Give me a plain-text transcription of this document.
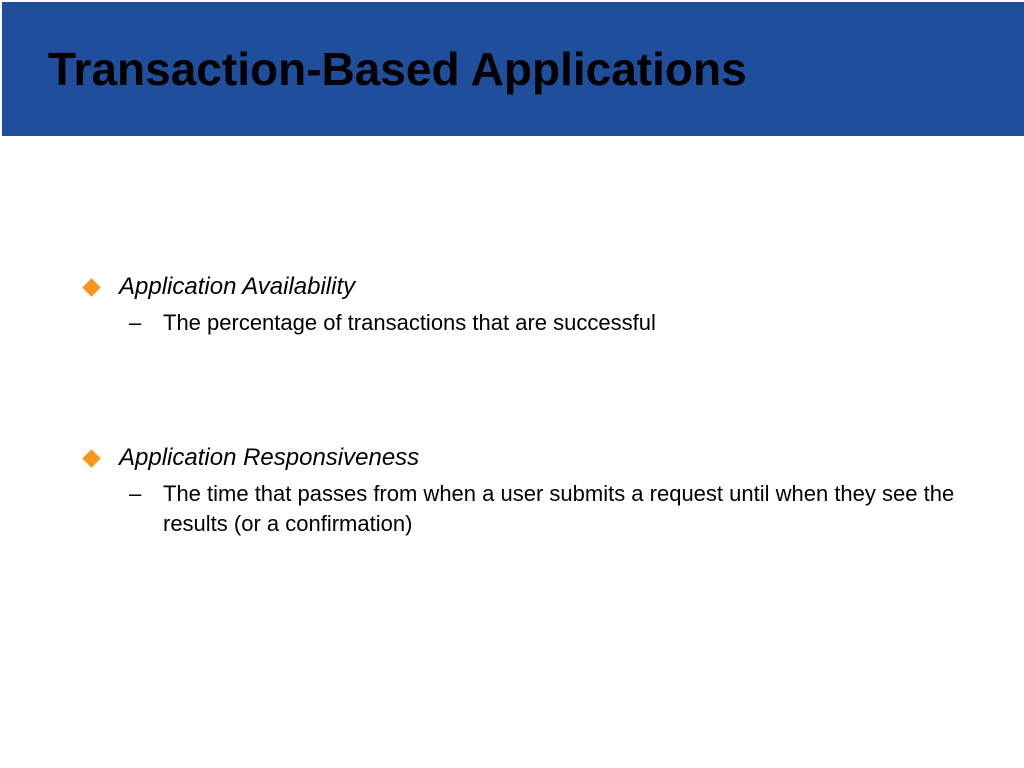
Transaction-Based Applications
Application Availability
– The percentage of transactions that are successful
Application Responsiveness
– The time that passes from when a user submits a request until when they see the results (or a confirmation)
